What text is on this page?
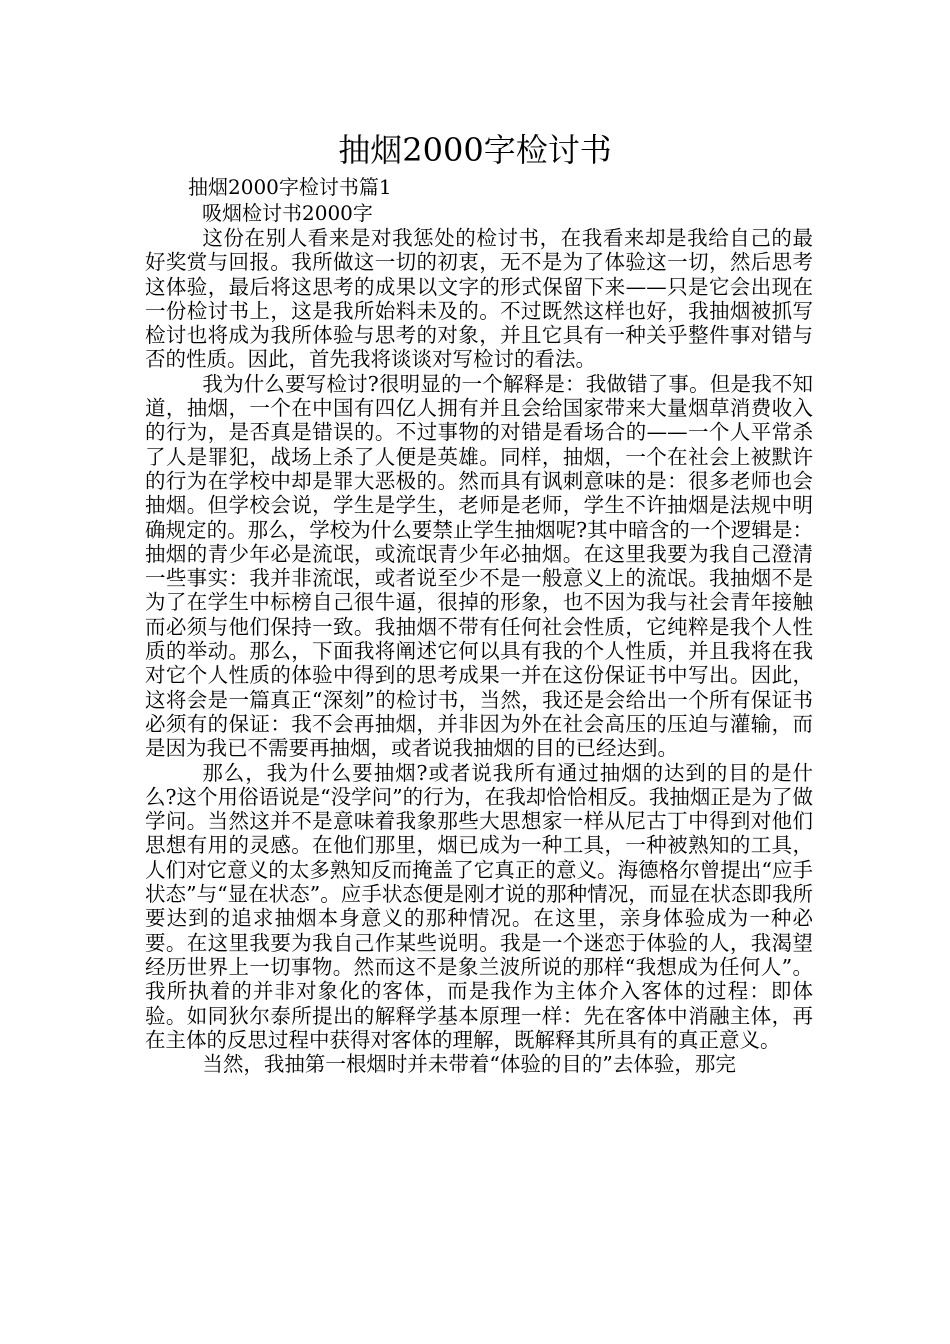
抽烟2000字检讨书

抽烟2000字检讨书篇1

吸烟检讨书2000字

这份在别人看来是对我惩处的检讨书，在我看来却是我给自己的最好奖赏与回报。我所做这一切的初衷，无不是为了体验这一切，然后思考这体验，最后将这思考的成果以文字的形式保留下来——只是它会出现在一份检讨书上，这是我所始料未及的。不过既然这样也好，我抽烟被抓写检讨也将成为我所体验与思考的对象，并且它具有一种关乎整件事对错与否的性质。因此，首先我将谈谈对写检讨的看法。

我为什么要写检讨?很明显的一个解释是：我做错了事。但是我不知道，抽烟，一个在中国有四亿人拥有并且会给国家带来大量烟草消费收入的行为，是否真是错误的。不过事物的对错是看场合的——一个人平常杀了人是罪犯，战场上杀了人便是英雄。同样，抽烟，一个在社会上被默许的行为在学校中却是罪大恶极的。然而具有讽刺意味的是：很多老师也会抽烟。但学校会说，学生是学生，老师是老师，学生不许抽烟是法规中明确规定的。那么，学校为什么要禁止学生抽烟呢?其中暗含的一个逻辑是：抽烟的青少年必是流氓，或流氓青少年必抽烟。在这里我要为我自己澄清一些事实：我并非流氓，或者说至少不是一般意义上的流氓。我抽烟不是为了在学生中标榜自己很牛逼，很掉的形象，也不因为我与社会青年接触而必须与他们保持一致。我抽烟不带有任何社会性质，它纯粹是我个人性质的举动。那么，下面我将阐述它何以具有我的个人性质，并且我将在我对它个人性质的体验中得到的思考成果一并在这份保证书中写出。因此，这将会是一篇真正“深刻”的检讨书，当然，我还是会给出一个所有保证书必须有的保证：我不会再抽烟，并非因为外在社会高压的压迫与灌输，而是因为我已不需要再抽烟，或者说我抽烟的目的已经达到。

那么，我为什么要抽烟?或者说我所有通过抽烟的达到的目的是什么?这个用俗语说是“没学问”的行为，在我却恰恰相反。我抽烟正是为了做学问。当然这并不是意味着我象那些大思想家一样从尼古丁中得到对他们思想有用的灵感。在他们那里，烟已成为一种工具，一种被熟知的工具，人们对它意义的太多熟知反而掩盖了它真正的意义。海德格尔曾提出“应手状态”与“显在状态”。应手状态便是刚才说的那种情况，而显在状态即我所要达到的追求抽烟本身意义的那种情况。在这里，亲身体验成为一种必要。在这里我要为我自己作某些说明。我是一个迷恋于体验的人，我渴望经历世界上一切事物。然而这不是象兰波所说的那样“我想成为任何人”。我所执着的并非对象化的客体，而是我作为主体介入客体的过程：即体验。如同狄尔泰所提出的解释学基本原理一样：先在客体中消融主体，再在主体的反思过程中获得对客体的理解，既解释其所具有的真正意义。

当然，我抽第一根烟时并未带着“体验的目的”去体验，那完
